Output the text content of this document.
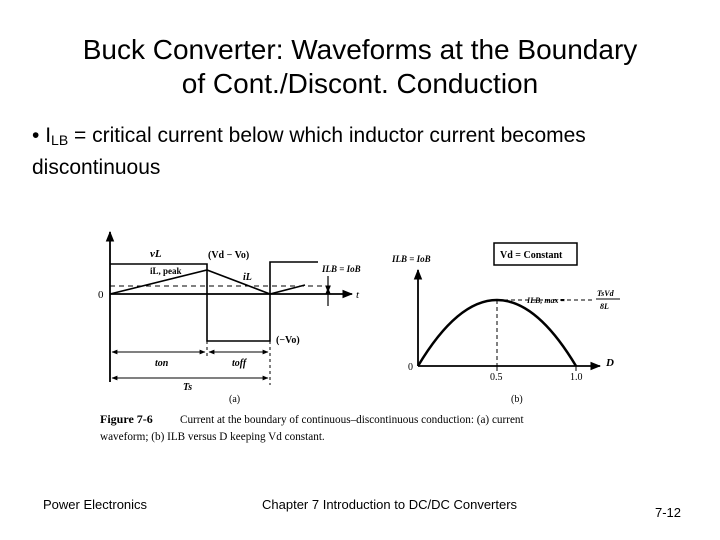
Buck Converter: Waveforms at the Boundary
of Cont./Discont. Conduction
• $I_{LB}$ = critical current below which inductor current becomes discontinuous
vL	(Vd − Vo)
iL, peak
iL
ILB = IoB
0	t
(−Vo)
ton	toff
Ts
(a)
Vd = Constant
ILB = IoB
ILB, max =
TsVd
8L
0
0.5	1.0
D
(b)
Figure 7-6 Current at the boundary of continuous–discontinuous conduction: (a) current
waveform; (b) ILB versus D keeping Vd constant.
Power Electronics	Chapter 7 Introduction to DC/DC Converters
7-12
